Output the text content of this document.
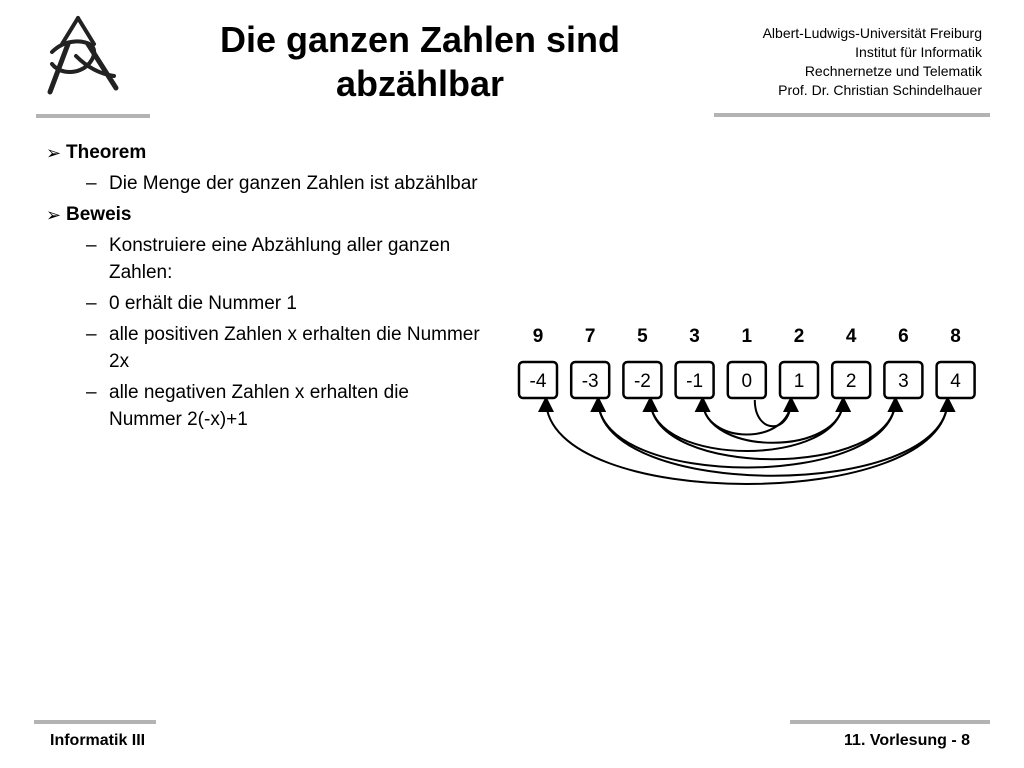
Die ganzen Zahlen sind abzählbar
Albert-Ludwigs-Universität Freiburg
Institut für Informatik
Rechnernetze und Telematik
Prof. Dr. Christian Schindelhauer
➢ Theorem
– Die Menge der ganzen Zahlen ist abzählbar
➢ Beweis
– Konstruiere eine Abzählung aller ganzen Zahlen:
– 0 erhält die Nummer 1
– alle positiven Zahlen x erhalten die Nummer 2x
– alle negativen Zahlen x erhalten die Nummer 2(-x)+1
9
-4
7
-3
5
-2
3
-1
1
0
2
1
4
2
6
3
8
4
Informatik III	11. Vorlesung - 8
